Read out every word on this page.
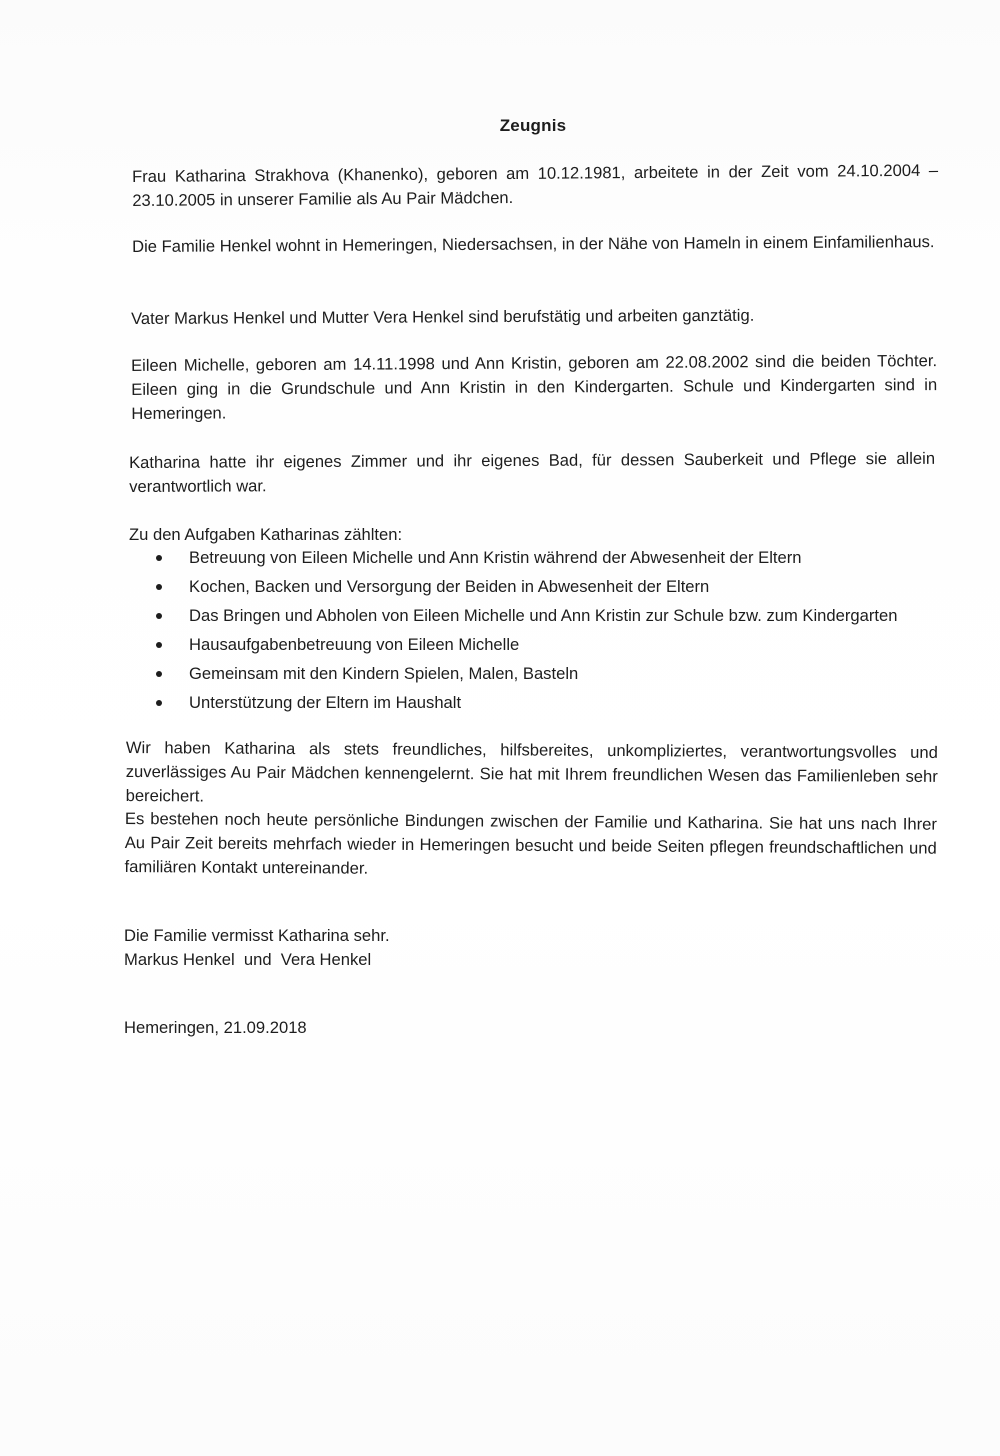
Zeugnis

Frau Katharina Strakhova (Khanenko), geboren am 10.12.1981, arbeitete in der Zeit vom 24.10.2004 – 23.10.2005 in unserer Familie als Au Pair Mädchen.

Die Familie Henkel wohnt in Hemeringen, Niedersachsen, in der Nähe von Hameln in einem Einfamilienhaus.

Vater Markus Henkel und Mutter Vera Henkel sind berufstätig und arbeiten ganztätig.

Eileen Michelle, geboren am 14.11.1998 und Ann Kristin, geboren am 22.08.2002 sind die beiden Töchter. Eileen ging in die Grundschule und Ann Kristin in den Kindergarten. Schule und Kindergarten sind in Hemeringen.

Katharina hatte ihr eigenes Zimmer und ihr eigenes Bad, für dessen Sauberkeit und Pflege sie allein verantwortlich war.

Zu den Aufgaben Katharinas zählten:

Betreuung von Eileen Michelle und Ann Kristin während der Abwesenheit der Eltern
Kochen, Backen und Versorgung der Beiden in Abwesenheit der Eltern
Das Bringen und Abholen von Eileen Michelle und Ann Kristin zur Schule bzw. zum Kindergarten
Hausaufgabenbetreuung von Eileen Michelle
Gemeinsam mit den Kindern Spielen, Malen, Basteln
Unterstützung der Eltern im Haushalt

Wir haben Katharina als stets freundliches, hilfsbereites, unkompliziertes, verantwortungsvolles und zuverlässiges Au Pair Mädchen kennengelernt. Sie hat mit Ihrem freundlichen Wesen das Familienleben sehr bereichert.

Es bestehen noch heute persönliche Bindungen zwischen der Familie und Katharina. Sie hat uns nach Ihrer Au Pair Zeit bereits mehrfach wieder in Hemeringen besucht und beide Seiten pflegen freundschaftlichen und familiären Kontakt untereinander.

Die Familie vermisst Katharina sehr.
Markus Henkel  und  Vera Henkel
Hemeringen, 21.09.2018
